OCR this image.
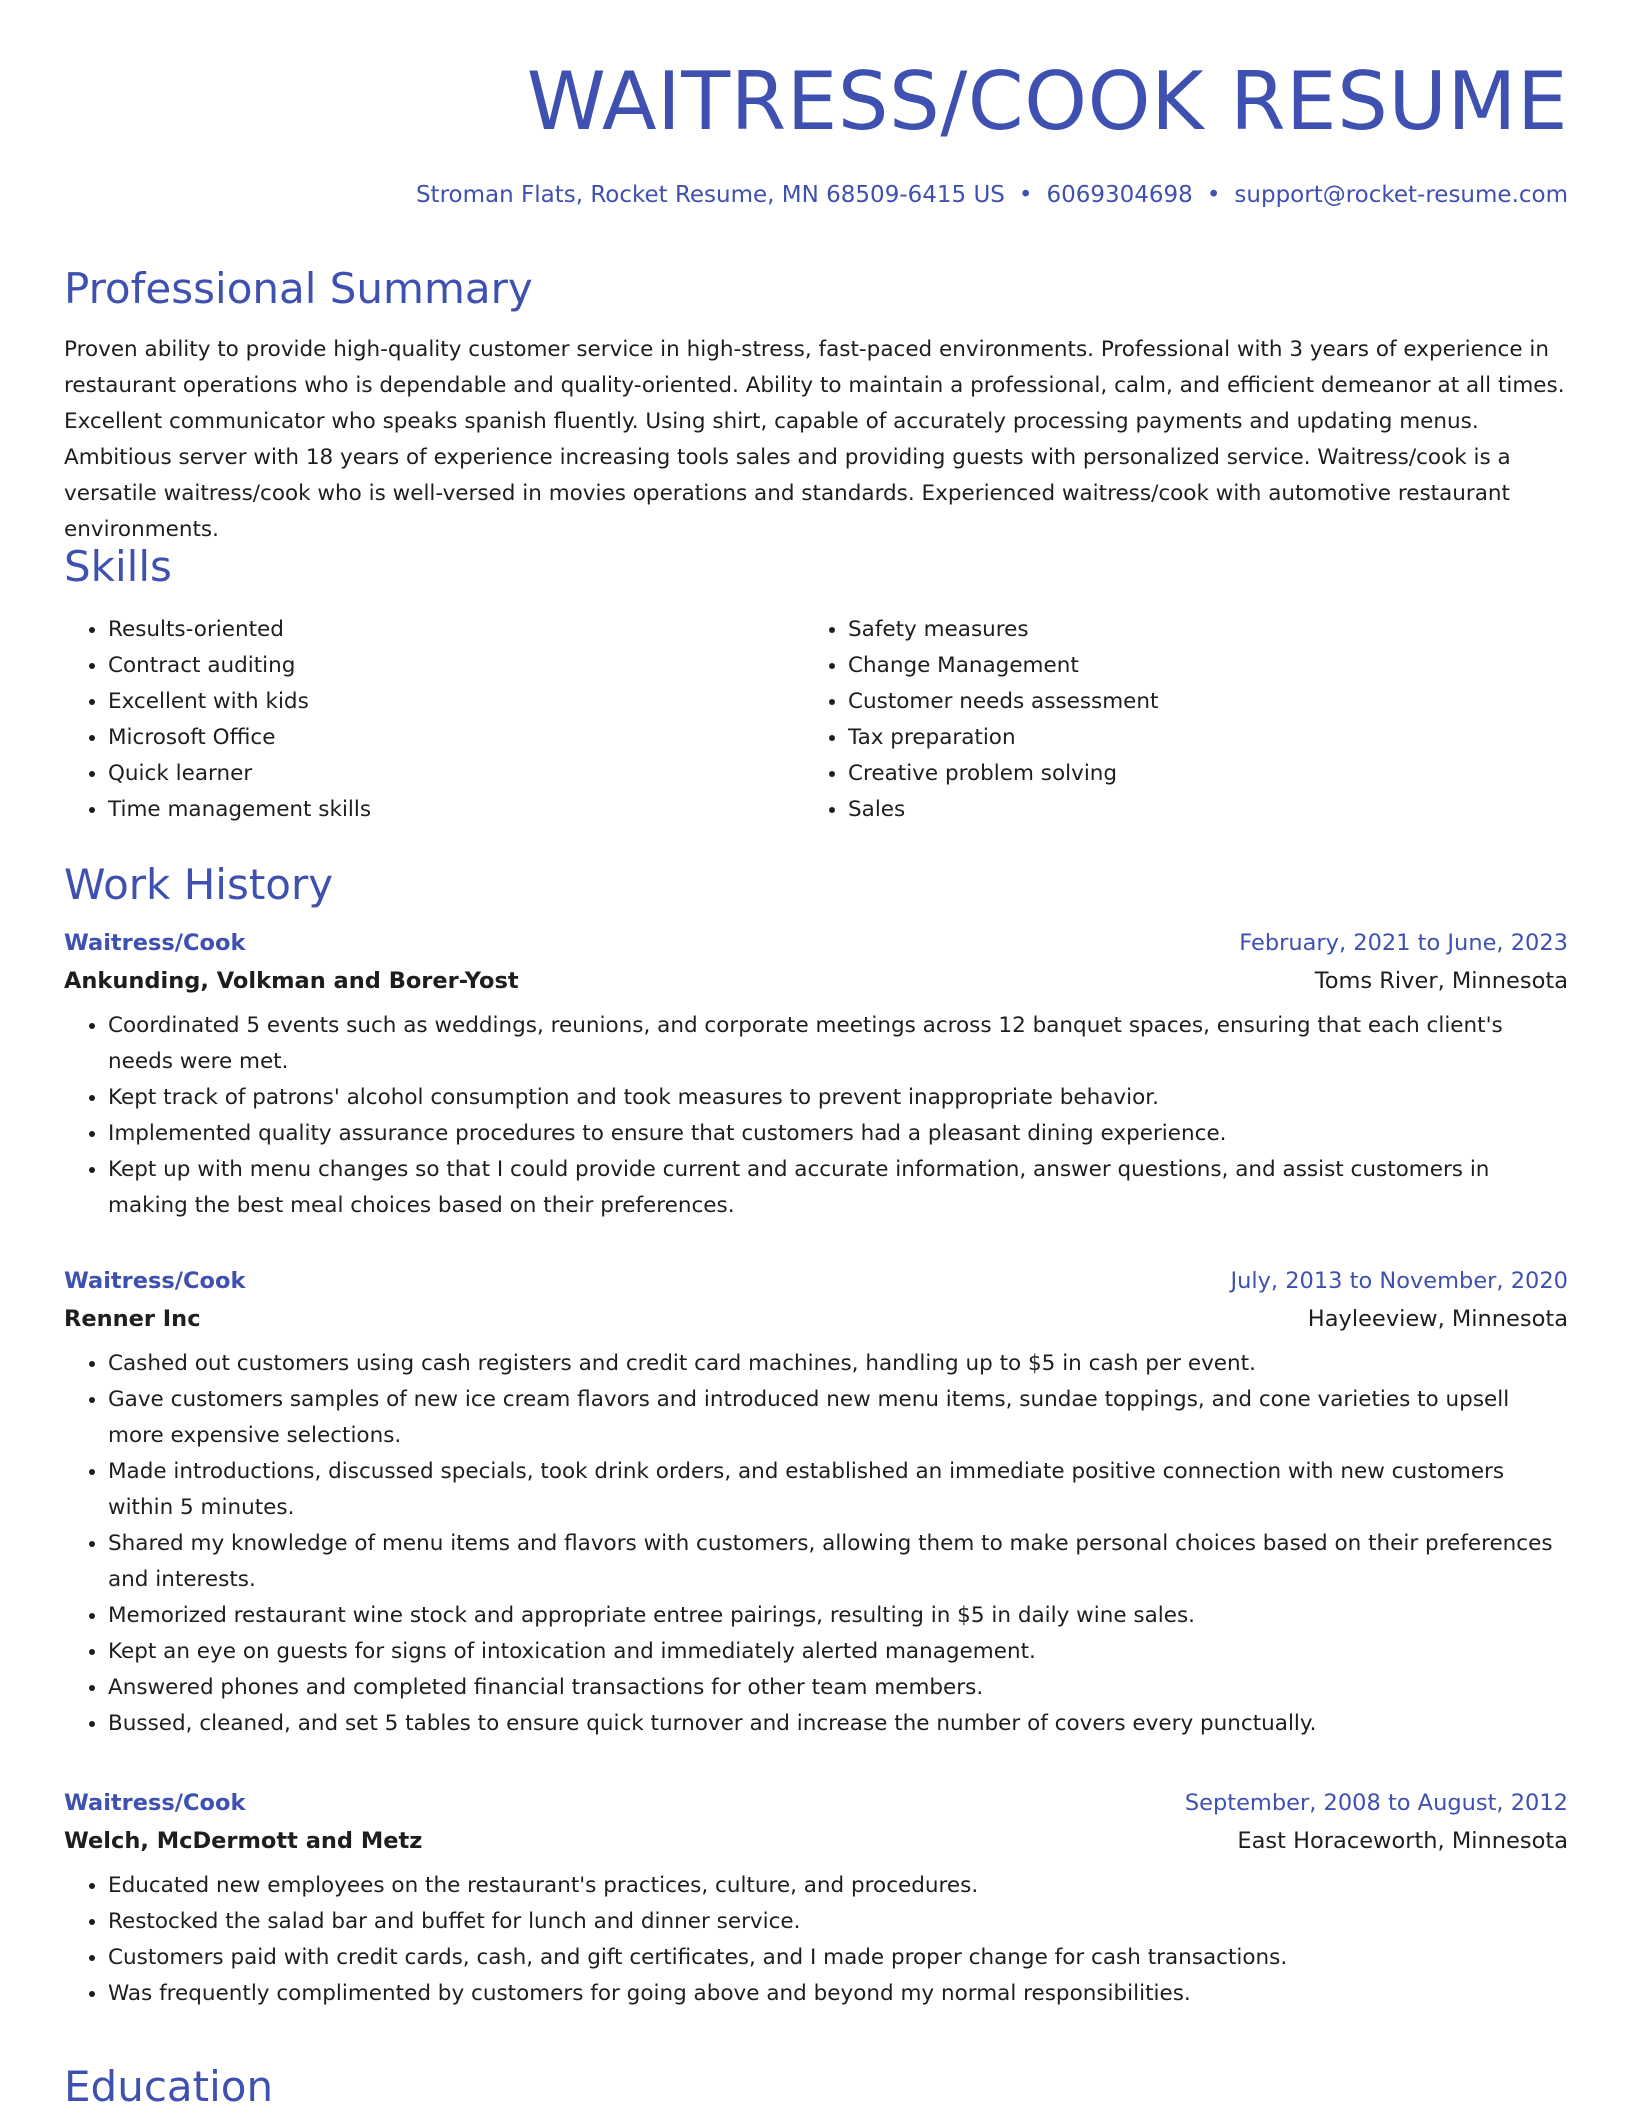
WAITRESS/COOK RESUME
Stroman Flats, Rocket Resume, MN 68509-6415 US • 6069304698 • support@rocket-resume.com
Professional Summary

Proven ability to provide high-quality customer service in high-stress, fast-paced environments. Professional with 3 years of experience in restaurant operations who is dependable and quality-oriented. Ability to maintain a professional, calm, and efficient demeanor at all times. Excellent communicator who speaks spanish fluently. Using shirt, capable of accurately processing payments and updating menus. Ambitious server with 18 years of experience increasing tools sales and providing guests with personalized service. Waitress/cook is a versatile waitress/cook who is well-versed in movies operations and standards. Experienced waitress/cook with automotive restaurant environments.

Skills
• Results-oriented
• Contract auditing
• Excellent with kids
• Microsoft Office
• Quick learner
• Time management skills
• Safety measures
• Change Management
• Customer needs assessment
• Tax preparation
• Creative problem solving
• Sales
Work History
Waitress/Cook	February, 2021 to June, 2023
Ankunding, Volkman and Borer-Yost	Toms River, Minnesota
• Coordinated 5 events such as weddings, reunions, and corporate meetings across 12 banquet spaces, ensuring that each client's needs were met.
• Kept track of patrons' alcohol consumption and took measures to prevent inappropriate behavior.
• Implemented quality assurance procedures to ensure that customers had a pleasant dining experience.
• Kept up with menu changes so that I could provide current and accurate information, answer questions, and assist customers in making the best meal choices based on their preferences.
Waitress/Cook	July, 2013 to November, 2020
Renner Inc	Hayleeview, Minnesota
• Cashed out customers using cash registers and credit card machines, handling up to $5 in cash per event.
• Gave customers samples of new ice cream flavors and introduced new menu items, sundae toppings, and cone varieties to upsell more expensive selections.
• Made introductions, discussed specials, took drink orders, and established an immediate positive connection with new customers within 5 minutes.
• Shared my knowledge of menu items and flavors with customers, allowing them to make personal choices based on their preferences and interests.
• Memorized restaurant wine stock and appropriate entree pairings, resulting in $5 in daily wine sales.
• Kept an eye on guests for signs of intoxication and immediately alerted management.
• Answered phones and completed financial transactions for other team members.
• Bussed, cleaned, and set 5 tables to ensure quick turnover and increase the number of covers every punctually.
Waitress/Cook	September, 2008 to August, 2012
Welch, McDermott and Metz	East Horaceworth, Minnesota
• Educated new employees on the restaurant's practices, culture, and procedures.
• Restocked the salad bar and buffet for lunch and dinner service.
• Customers paid with credit cards, cash, and gift certificates, and I made proper change for cash transactions.
• Was frequently complimented by customers for going above and beyond my normal responsibilities.
Education
